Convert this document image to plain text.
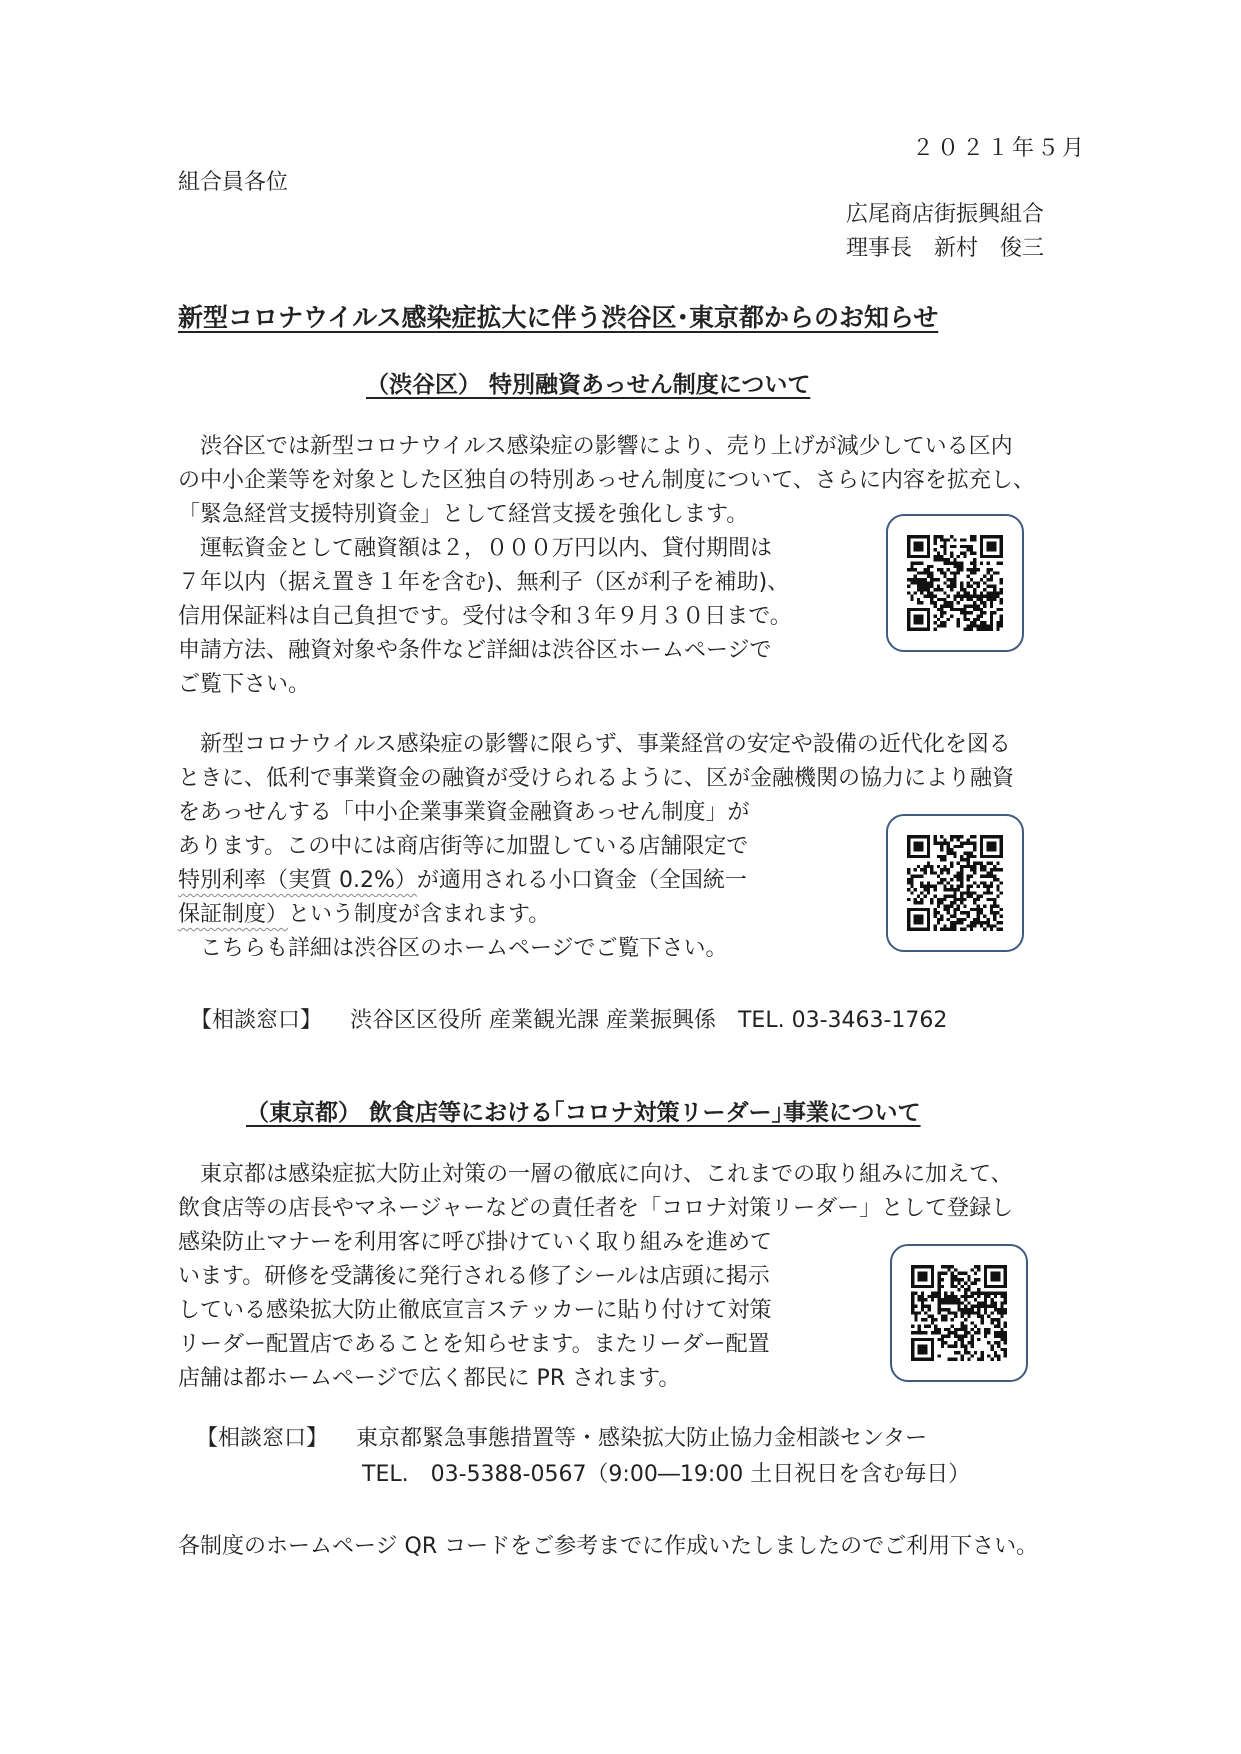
２０２１年５月
組合員各位
広尾商店街振興組合
理事長　新村　俊三
新型コロナウイルス感染症拡大に伴う渋谷区･東京都からのお知らせ
（渋谷区） 特別融資あっせん制度について
　渋谷区では新型コロナウイルス感染症の影響により、売り上げが減少している区内
の中小企業等を対象とした区独自の特別あっせん制度について、さらに内容を拡充し、
「緊急経営支援特別資金」として経営支援を強化します。
　運転資金として融資額は２，０００万円以内、貸付期間は
７年以内（据え置き１年を含む)、無利子（区が利子を補助)、
信用保証料は自己負担です。受付は令和３年９月３０日まで。
申請方法、融資対象や条件など詳細は渋谷区ホームページで
ご覧下さい。
　新型コロナウイルス感染症の影響に限らず、事業経営の安定や設備の近代化を図る
ときに、低利で事業資金の融資が受けられるように、区が金融機関の協力により融資
をあっせんする「中小企業事業資金融資あっせん制度」が
あります。この中には商店街等に加盟している店舗限定で
特別利率（実質 0.2%）が適用される小口資金（全国統一
保証制度）という制度が含まれます。
　こちらも詳細は渋谷区のホームページでご覧下さい。
【相談窓口】 渋谷区区役所 産業観光課 産業振興係　TEL. 03-3463-1762
（東京都） 飲食店等における｢コロナ対策リーダー｣事業について
　東京都は感染症拡大防止対策の一層の徹底に向け、これまでの取り組みに加えて、
飲食店等の店長やマネージャーなどの責任者を「コロナ対策リーダー」として登録し
感染防止マナーを利用客に呼び掛けていく取り組みを進めて
います。研修を受講後に発行される修了シールは店頭に掲示
している感染拡大防止徹底宣言ステッカーに貼り付けて対策
リーダー配置店であることを知らせます。またリーダー配置
店舗は都ホームページで広く都民に PR されます。
【相談窓口】 東京都緊急事態措置等・感染拡大防止協力金相談センター
TEL.　03-5388-0567（9:00―19:00 土日祝日を含む毎日）
各制度のホームページ QR コードをご参考までに作成いたしましたのでご利用下さい。
